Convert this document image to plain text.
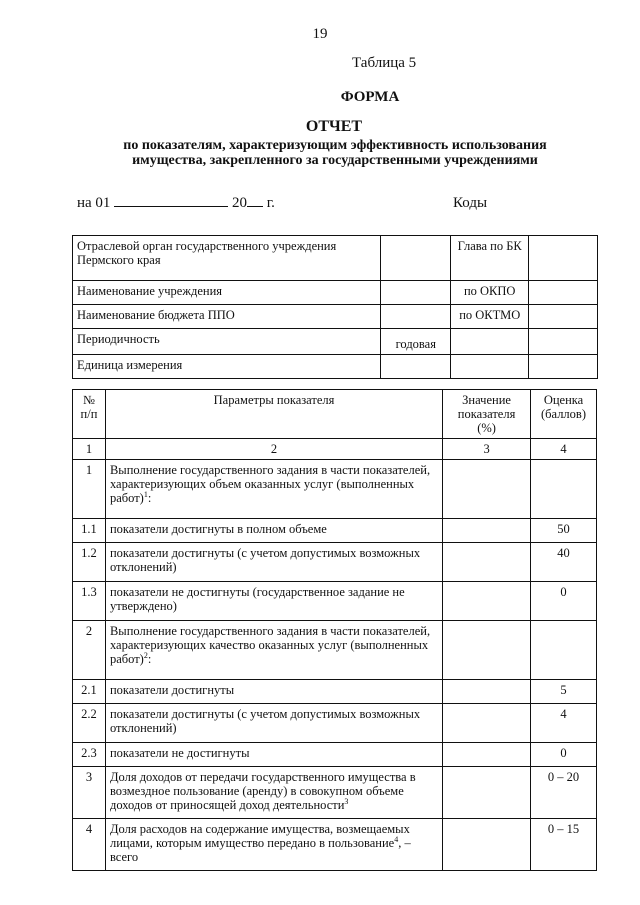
19
Таблица 5
ФОРМА
ОТЧЕТ
по показателям, характеризующим эффективность использования имущества, закрепленного за государственными учреждениями
на 01	20 г.	Коды
Отраслевой орган государственного учреждения Пермского края		Глава по БК	
Наименование учреждения		по ОКПО	
Наименование бюджета ППО		по ОКТМО	
Периодичность	годовая		
Единица измерения			
№ п/п	Параметры показателя	Значение показателя (%)	Оценка (баллов)
1	2	3	4
1	Выполнение государственного задания в части показателей, характеризующих объем оказанных услуг (выполненных работ)$^1$:		
1.1	показатели достигнуты в полном объеме		50
1.2	показатели достигнуты (с учетом допустимых возможных отклонений)		40
1.3	показатели не достигнуты (государственное задание не утверждено)		0
2	Выполнение государственного задания в части показателей, характеризующих качество оказанных услуг (выполненных работ)$^2$:		
2.1	показатели достигнуты		5
2.2	показатели достигнуты (с учетом допустимых возможных отклонений)		4
2.3	показатели не достигнуты		0
3	Доля доходов от передачи государственного имущества в возмездное пользование (аренду) в совокупном объеме доходов от приносящей доход деятельности$^3$		0 – 20
4	Доля расходов на содержание имущества, возмещаемых лицами, которым имущество передано в пользование$^4$, – всего		0 – 15
